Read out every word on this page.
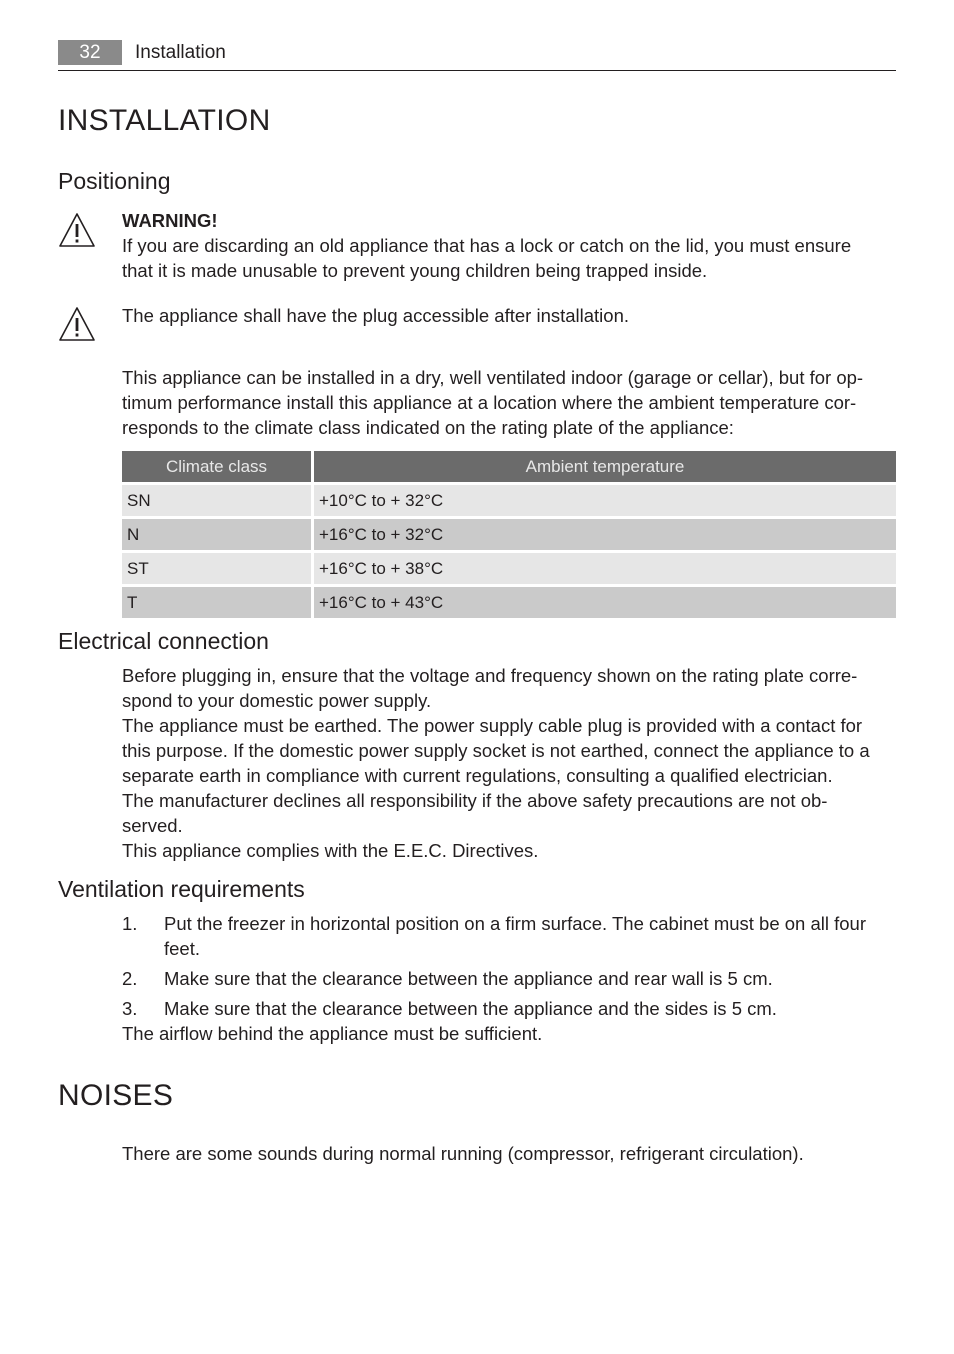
32	Installation
INSTALLATION
Positioning

WARNING!

If you are discarding an old appliance that has a lock or catch on the lid, you must ensure

that it is made unusable to prevent young children being trapped inside.

The appliance shall have the plug accessible after installation.

This appliance can be installed in a dry, well ventilated indoor (garage or cellar), but for op-

timum performance install this appliance at a location where the ambient temperature cor-

responds to the climate class indicated on the rating plate of the appliance:

Climate class	Ambient temperature
SN	+10°C to + 32°C
N	+16°C to + 32°C
ST	+16°C to + 38°C
T	+16°C to + 43°C
Electrical connection

Before plugging in, ensure that the voltage and frequency shown on the rating plate corre-

spond to your domestic power supply.

The appliance must be earthed. The power supply cable plug is provided with a contact for

this purpose. If the domestic power supply socket is not earthed, connect the appliance to a

separate earth in compliance with current regulations, consulting a qualified electrician.

The manufacturer declines all responsibility if the above safety precautions are not ob-

served.

This appliance complies with the E.E.C. Directives.

Ventilation requirements
1. Put the freezer in horizontal position on a firm surface. The cabinet must be on all four
feet.
2. Make sure that the clearance between the appliance and rear wall is 5 cm.
3. Make sure that the clearance between the appliance and the sides is 5 cm.
The airflow behind the appliance must be sufficient.
NOISES
There are some sounds during normal running (compressor, refrigerant circulation).
